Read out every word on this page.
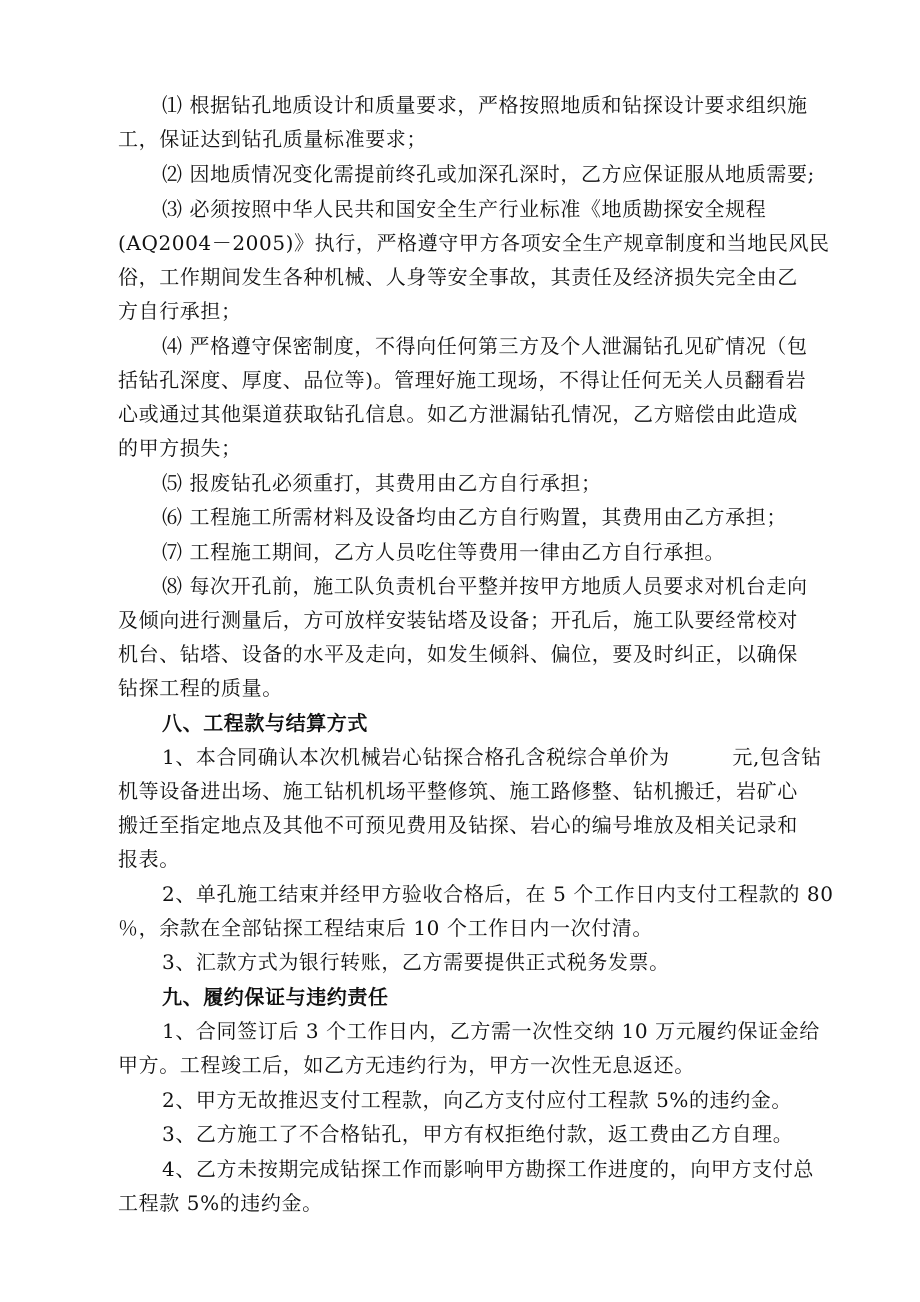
⑴ 根据钻孔地质设计和质量要求，严格按照地质和钻探设计要求组织施
工，保证达到钻孔质量标准要求；
⑵ 因地质情况变化需提前终孔或加深孔深时，乙方应保证服从地质需要;
⑶ 必须按照中华人民共和国安全生产行业标准《地质勘探安全规程
(AQ2004－2005)》执行，严格遵守甲方各项安全生产规章制度和当地民风民
俗，工作期间发生各种机械、人身等安全事故，其责任及经济损失完全由乙
方自行承担；
⑷ 严格遵守保密制度，不得向任何第三方及个人泄漏钻孔见矿情况（包
括钻孔深度、厚度、品位等)。管理好施工现场，不得让任何无关人员翻看岩
心或通过其他渠道获取钻孔信息。如乙方泄漏钻孔情况，乙方赔偿由此造成
的甲方损失；
⑸ 报废钻孔必须重打，其费用由乙方自行承担；
⑹ 工程施工所需材料及设备均由乙方自行购置，其费用由乙方承担；
⑺ 工程施工期间，乙方人员吃住等费用一律由乙方自行承担。
⑻ 每次开孔前，施工队负责机台平整并按甲方地质人员要求对机台走向
及倾向进行测量后，方可放样安装钻塔及设备；开孔后，施工队要经常校对
机台、钻塔、设备的水平及走向，如发生倾斜、偏位，要及时纠正，以确保
钻探工程的质量。
八、工程款与结算方式
1、本合同确认本次机械岩心钻探合格孔含税综合单价为         元,包含钻
机等设备进出场、施工钻机机场平整修筑、施工路修整、钻机搬迁，岩矿心
搬迁至指定地点及其他不可预见费用及钻探、岩心的编号堆放及相关记录和
报表。
2、单孔施工结束并经甲方验收合格后，在 5 个工作日内支付工程款的 80
％，余款在全部钻探工程结束后 10 个工作日内一次付清。
3、汇款方式为银行转账，乙方需要提供正式税务发票。
九、履约保证与违约责任
1、合同签订后 3 个工作日内，乙方需一次性交纳 10 万元履约保证金给
甲方。工程竣工后，如乙方无违约行为，甲方一次性无息返还。
2、甲方无故推迟支付工程款，向乙方支付应付工程款 5%的违约金。
3、乙方施工了不合格钻孔，甲方有权拒绝付款，返工费由乙方自理。
4、乙方未按期完成钻探工作而影响甲方勘探工作进度的，向甲方支付总
工程款 5%的违约金。
